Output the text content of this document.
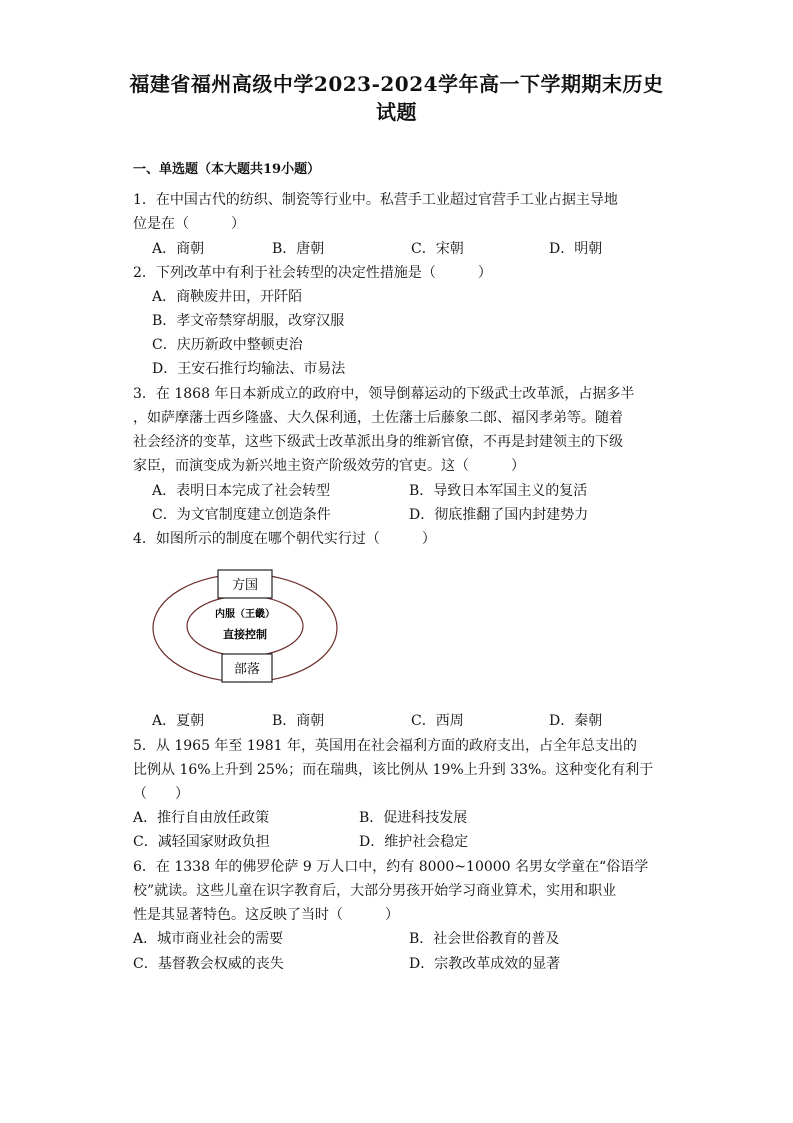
福建省福州高级中学2023-2024学年高一下学期期末历史
试题
一、单选题（本大题共19小题）
1．在中国古代的纺织、制瓷等行业中。私营手工业超过官营手工业占据主导地
位是在（　　　）
A．商朝	B．唐朝	C．宋朝	D．明朝
2．下列改革中有利于社会转型的决定性措施是（　　　）
A．商鞅废井田，开阡陌
B．孝文帝禁穿胡服，改穿汉服
C．庆历新政中整顿吏治
D．王安石推行均输法、市易法
3．在 1868 年日本新成立的政府中，领导倒幕运动的下级武士改革派，占据多半
，如萨摩藩士西乡隆盛、大久保利通，土佐藩士后藤象二郎、福冈孝弟等。随着
社会经济的变革，这些下级武士改革派出身的维新官僚，不再是封建领主的下级
家臣，而演变成为新兴地主资产阶级效劳的官吏。这（　　　）
A．表明日本完成了社会转型	B．导致日本军国主义的复活
C．为文官制度建立创造条件	D．彻底推翻了国内封建势力
4．如图所示的制度在哪个朝代实行过（　　　）
方国
内服（王畿）
直接控制
部落
A．夏朝	B．商朝	C．西周	D．秦朝
5．从 1965 年至 1981 年，英国用在社会福利方面的政府支出，占全年总支出的
比例从 16%上升到 25%；而在瑞典，该比例从 19%上升到 33%。这种变化有利于
（　　）
A．推行自由放任政策	B．促进科技发展
C．减轻国家财政负担	D．维护社会稳定
6．在 1338 年的佛罗伦萨 9 万人口中，约有 8000~10000 名男女学童在“俗语学
校”就读。这些儿童在识字教育后，大部分男孩开始学习商业算术，实用和职业
性是其显著特色。这反映了当时（　　　）
A．城市商业社会的需要	B．社会世俗教育的普及
C．基督教会权威的丧失	D．宗教改革成效的显著
